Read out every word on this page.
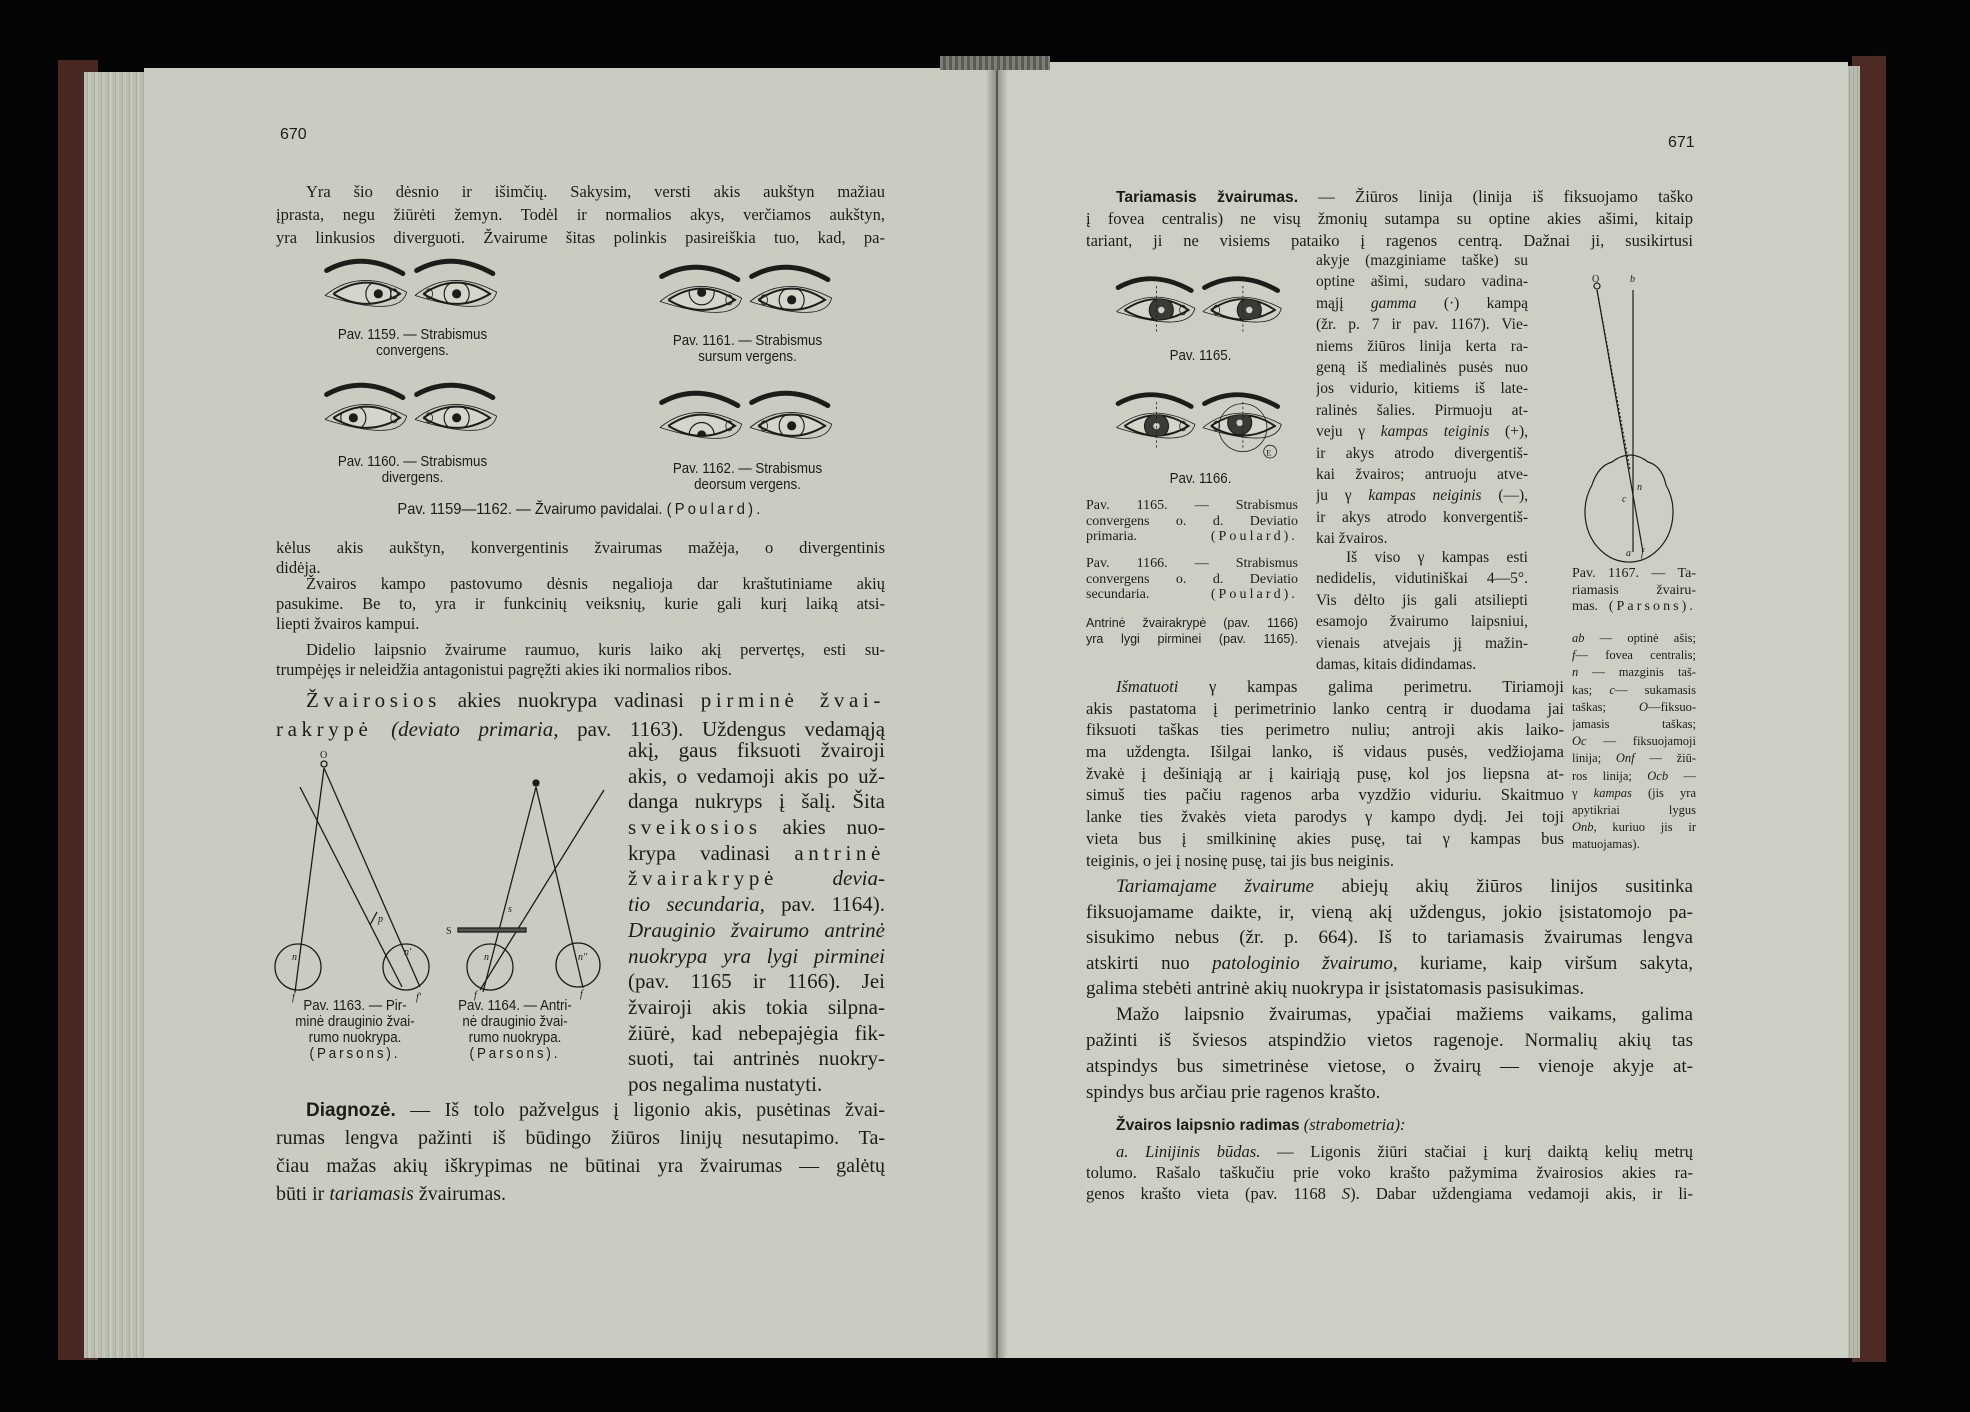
670
Yra šio dėsnio ir išimčių. Sakysim, versti akis aukštyn mažiau
įprasta, negu žiūrėti žemyn. Todėl ir normalios akys, verčiamos aukštyn,
yra linkusios diverguoti. Žvairume šitas polinkis pasireiškia tuo, kad, pa-
Pav. 1159. — Strabismus
convergens.
Pav. 1161. — Strabismus
sursum vergens.
Pav. 1160. — Strabismus
divergens.
Pav. 1162. — Strabismus
deorsum vergens.
Pav. 1159—1162. — Žvairumo pavidalai. (Poulard).
kėlus akis aukštyn, konvergentinis žvairumas mažėja, o divergentinis
didėja.
Žvairos kampo pastovumo dėsnis negalioja dar kraštutiniame akių
pasukime. Be to, yra ir funkcinių veiksnių, kurie gali kurį laiką atsi-
liepti žvairos kampui.
Didelio laipsnio žvairume raumuo, kuris laiko akį pervertęs, esti su-
trumpėjęs ir neleidžia antagonistui pagręžti akies iki normalios ribos.
Žvairosios akies nuokrypa vadinasi pirminė žvai-
rakrypė (deviato primaria, pav. 1163). Uždengus vedamąją
akį, gaus fiksuoti žvairoji
akis, o vedamoji akis po už-
danga nukryps į šalį. Šita
sveikosios akies nuo-
krypa vadinasi antrinė
žvairakrypė	devia-
tio secundaria, pav. 1164).
Drauginio žvairumo antrinė
nuokrypa yra lygi pirminei
(pav. 1165 ir 1166). Jei
žvairoji akis tokia silpna-
žiūrė, kad nebepajėgia fik-
suoti, tai antrinės nuokry-
pos negalima nustatyti.
O
p
n	n'
f	f'
S
s
n	n''
f	f
Pav. 1163. — Pir-
minė drauginio žvai-
rumo nuokrypa.
(Parsons).
Pav. 1164. — Antri-
nė drauginio žvai-
rumo nuokrypa.
(Parsons).
Diagnozė. — Iš tolo pažvelgus į ligonio akis, pusėtinas žvai-
rumas lengva pažinti iš būdingo žiūros linijų nesutapimo. Ta-
čiau mažas akių iškrypimas ne būtinai yra žvairumas — galėtų
būti ir tariamasis žvairumas.
671
Tariamasis žvairumas. — Žiūros linija (linija iš fiksuojamo taško
į fovea centralis) ne visų žmonių sutampa su optine akies ašimi, kitaip
tariant, ji ne visiems pataiko į ragenos centrą. Dažnai ji, susikirtusi
akyje (mazginiame taške) su
optine ašimi, sudaro vadina-
mąjį gamma (·) kampą
(žr. p. 7 ir pav. 1167). Vie-
niems žiūros linija kerta ra-
geną iš medialinės pusės nuo
jos vidurio, kitiems iš late-
ralinės šalies. Pirmuoju at-
veju γ kampas teiginis (+),
ir akys atrodo divergentiš-
kai žvairos; antruoju atve-
ju γ kampas neiginis (—),
ir akys atrodo konvergentiš-
kai žvairos.
Iš viso γ kampas esti
nedidelis, vidutiniškai 4—5°.
Vis dėlto jis gali atsiliepti
esamojo žvairumo laipsniui,
vienais atvejais jį mažin-
damas, kitais didindamas.
Pav. 1165.
E
Pav. 1166.
Pav. 1165. — Strabismus
convergens o. d. Deviatio
primaria. (Poulard).
Pav. 1166. — Strabismus
convergens o. d. Deviatio
secundaria. (Poulard).
Antrinė žvairakrypė (pav. 1166)
yra lygi pirminei (pav. 1165).
O	b
n
c
a f
Pav. 1167. — Ta-
riamasis žvairu-
mas. (Parsons).
ab — optinė ašis;
f— fovea centralis;
n — mazginis taš-
kas; c— sukamasis
taškas; O—fiksuo-
jamasis taškas;
Oc — fiksuojamoji
linija; Onf — žiū-
ros linija; Ocb —
γ kampas (jis yra
apytikriai lygus
Onb, kuriuo jis ir
matuojamas).
Išmatuoti γ kampas galima perimetru. Tiriamoji
akis pastatoma į perimetrinio lanko centrą ir duodama jai
fiksuoti taškas ties perimetro nuliu; antroji akis laiko-
ma uždengta. Išilgai lanko, iš vidaus pusės, vedžiojama
žvakė į dešiniąją ar į kairiąją pusę, kol jos liepsna at-
simuš ties pačiu ragenos arba vyzdžio viduriu. Skaitmuo
lanke ties žvakės vieta parodys γ kampo dydį. Jei toji
vieta bus į smilkininę akies pusę, tai γ kampas bus
teiginis, o jei į nosinę pusę, tai jis bus neiginis.
Tariamajame žvairume abiejų akių žiūros linijos susitinka
fiksuojamame daikte, ir, vieną akį uždengus, jokio įsistatomojo pa-
sisukimo nebus (žr. p. 664). Iš to tariamasis žvairumas lengva
atskirti nuo patologinio žvairumo, kuriame, kaip viršum sakyta,
galima stebėti antrinė akių nuokrypa ir įsistatomasis pasisukimas.
Mažo laipsnio žvairumas, ypačiai mažiems vaikams, galima
pažinti iš šviesos atspindžio vietos ragenoje. Normalių akių tas
atspindys bus simetrinėse vietose, o žvairų — vienoje akyje at-
spindys bus arčiau prie ragenos krašto.
Žvairos laipsnio radimas (strabometria):
a. Linijinis būdas. — Ligonis žiūri stačiai į kurį daiktą kelių metrų
tolumo. Rašalo taškučiu prie voko krašto pažymima žvairosios akies ra-
genos krašto vieta (pav. 1168 S). Dabar uždengiama vedamoji akis, ir li-
